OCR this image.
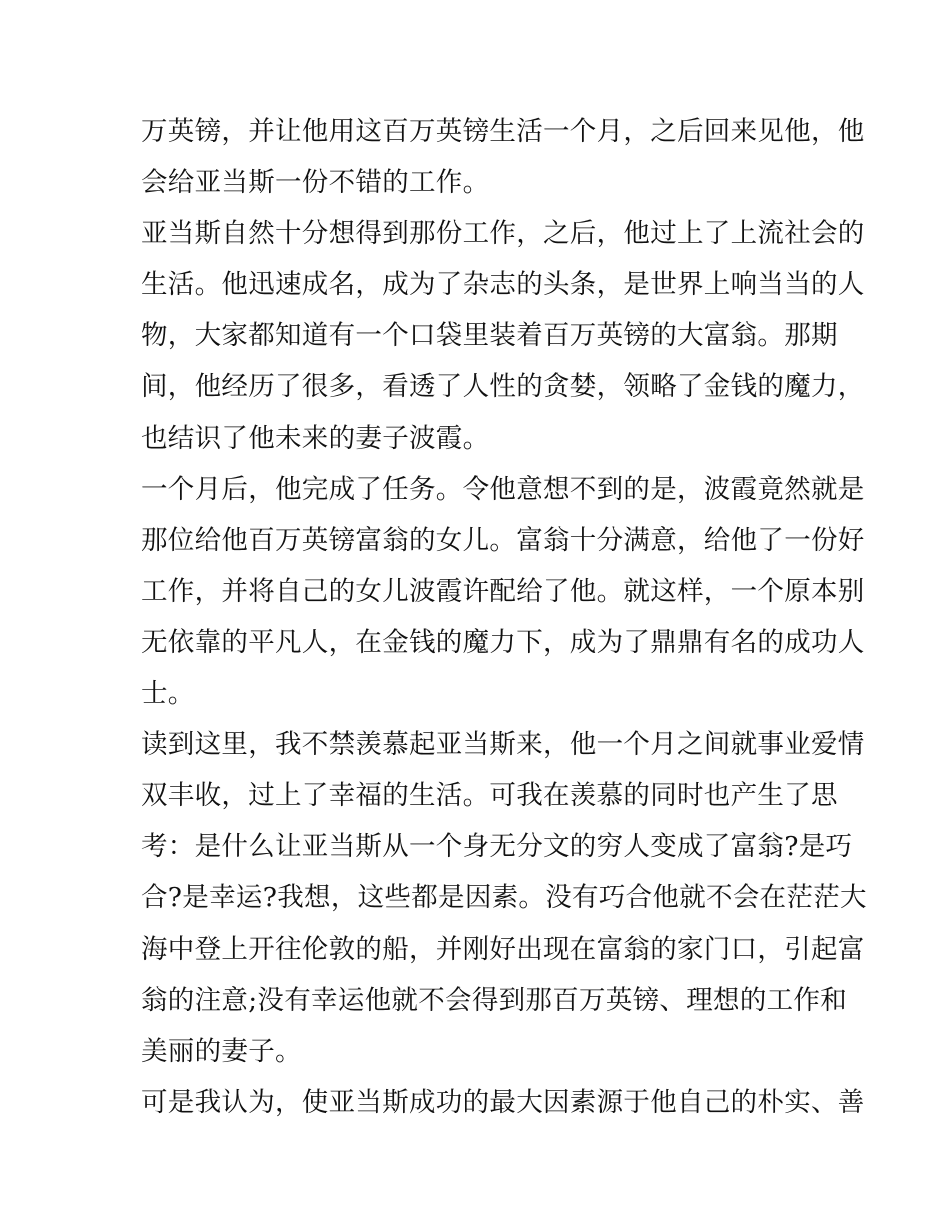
万英镑，并让他用这百万英镑生活一个月，之后回来见他，他
会给亚当斯一份不错的工作。
亚当斯自然十分想得到那份工作，之后，他过上了上流社会的
生活。他迅速成名，成为了杂志的头条，是世界上响当当的人
物，大家都知道有一个口袋里装着百万英镑的大富翁。那期
间，他经历了很多，看透了人性的贪婪，领略了金钱的魔力，
也结识了他未来的妻子波霞。
一个月后，他完成了任务。令他意想不到的是，波霞竟然就是
那位给他百万英镑富翁的女儿。富翁十分满意，给他了一份好
工作，并将自己的女儿波霞许配给了他。就这样，一个原本别
无依靠的平凡人，在金钱的魔力下，成为了鼎鼎有名的成功人
士。
读到这里，我不禁羡慕起亚当斯来，他一个月之间就事业爱情
双丰收，过上了幸福的生活。可我在羡慕的同时也产生了思
考：是什么让亚当斯从一个身无分文的穷人变成了富翁?是巧
合?是幸运?我想，这些都是因素。没有巧合他就不会在茫茫大
海中登上开往伦敦的船，并刚好出现在富翁的家门口，引起富
翁的注意;没有幸运他就不会得到那百万英镑、理想的工作和
美丽的妻子。
可是我认为，使亚当斯成功的最大因素源于他自己的朴实、善
